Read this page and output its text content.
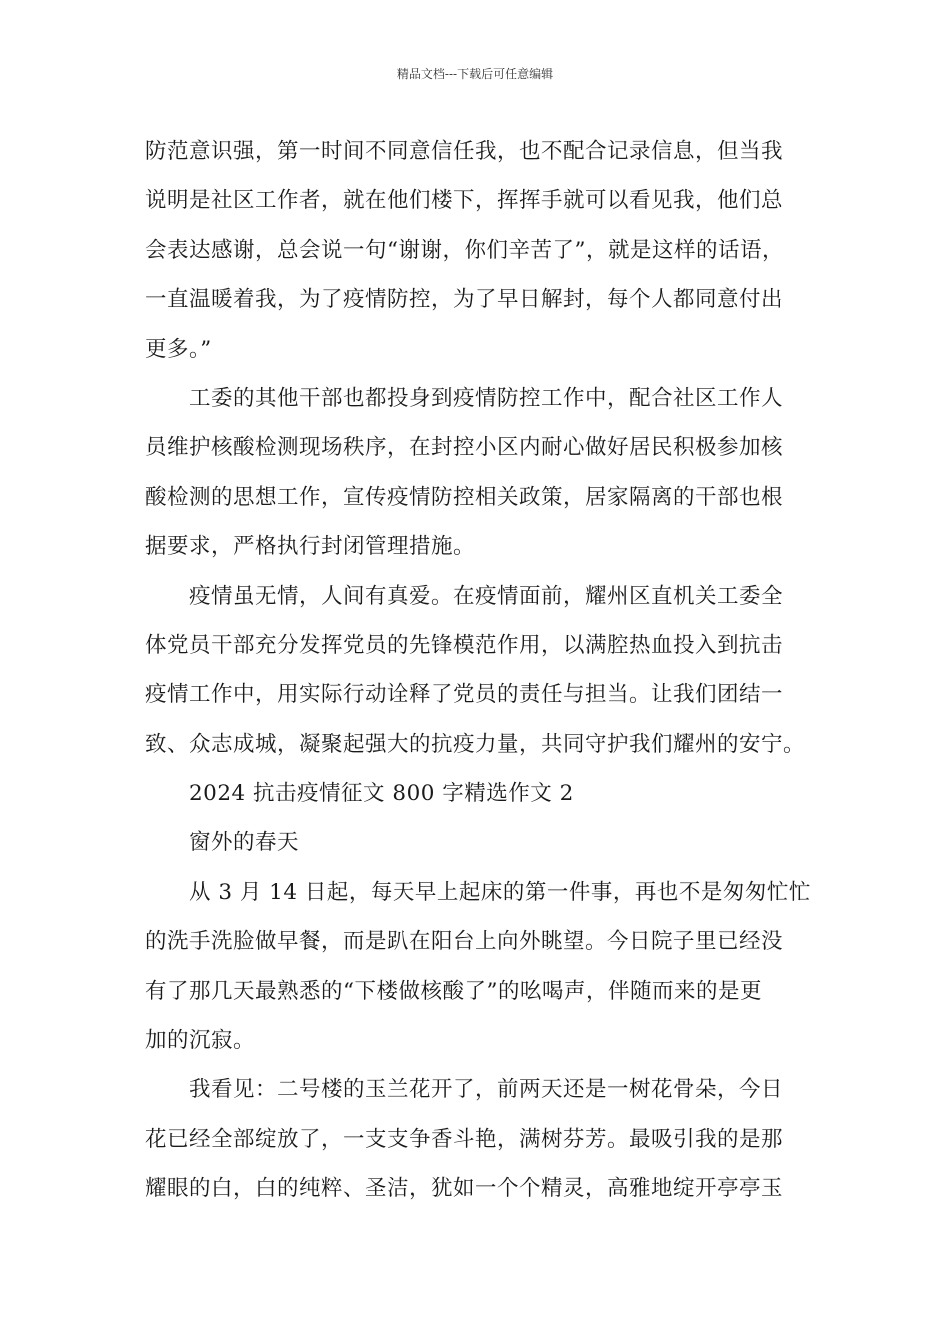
精品文档---下载后可任意编辑
防范意识强，第一时间不同意信任我，也不配合记录信息，但当我
说明是社区工作者，就在他们楼下，挥挥手就可以看见我，他们总
会表达感谢，总会说一句“谢谢，你们辛苦了”，就是这样的话语，
一直温暖着我，为了疫情防控，为了早日解封，每个人都同意付出
更多。”
工委的其他干部也都投身到疫情防控工作中，配合社区工作人
员维护核酸检测现场秩序，在封控小区内耐心做好居民积极参加核
酸检测的思想工作，宣传疫情防控相关政策，居家隔离的干部也根
据要求，严格执行封闭管理措施。
疫情虽无情，人间有真爱。在疫情面前，耀州区直机关工委全
体党员干部充分发挥党员的先锋模范作用，以满腔热血投入到抗击
疫情工作中，用实际行动诠释了党员的责任与担当。让我们团结一
致、众志成城，凝聚起强大的抗疫力量，共同守护我们耀州的安宁。
2024 抗击疫情征文 800 字精选作文 2
窗外的春天
从 3 月 14 日起，每天早上起床的第一件事，再也不是匆匆忙忙
的洗手洗脸做早餐，而是趴在阳台上向外眺望。今日院子里已经没
有了那几天最熟悉的“下楼做核酸了”的吆喝声，伴随而来的是更
加的沉寂。
我看见：二号楼的玉兰花开了，前两天还是一树花骨朵，今日
花已经全部绽放了，一支支争香斗艳，满树芬芳。最吸引我的是那
耀眼的白，白的纯粹、圣洁，犹如一个个精灵，高雅地绽开亭亭玉
